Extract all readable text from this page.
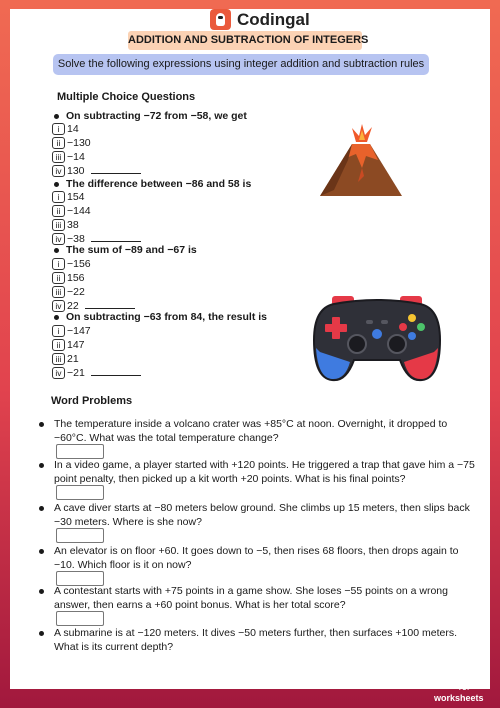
Codingal
ADDITION AND SUBTRACTION OF INTEGERS
Solve the following expressions using integer addition and subtraction rules
Multiple Choice Questions
On subtracting −72 from −58, we get
i 14
ii −130
iii −14
iv 130
The difference between −86 and 58 is
i 154
ii −144
iii 38
iv −38
The sum of −89 and −67 is
i −156
ii 156
iii −22
iv 22
On subtracting −63 from 84, the result is
i −147
ii 147
iii 21
iv −21
Word Problems
The temperature inside a volcano crater was +85°C at noon. Overnight, it dropped to −60°C. What was the total temperature change?
In a video game, a player started with +120 points. He triggered a trap that gave him a −75 point penalty, then picked up a kit worth +20 points. What is his final points?
A cave diver starts at −80 meters below ground. She climbs up 15 meters, then slips back −30 meters. Where is she now?
An elevator is on floor +60. It goes down to −5, then rises 68 floors, then drops again to −10. Which floor is it on now?
A contestant starts with +75 points in a game show. She loses −55 points on a wrong answer, then earns a +60 point bonus. What is her total score?
A submarine is at −120 meters. It dives −50 meters further, then surfaces +100 meters. What is its current depth?
TOP
worksheets
